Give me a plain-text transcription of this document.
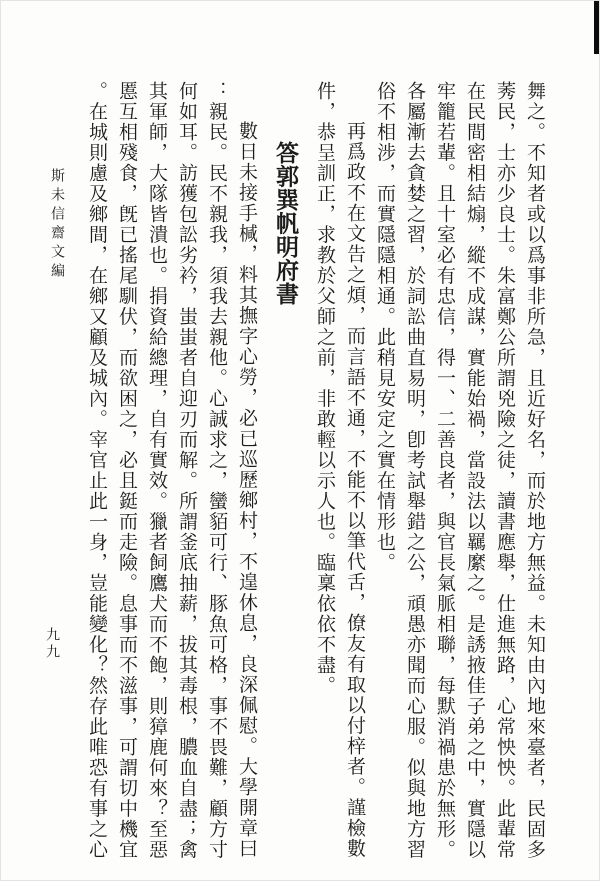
斯未信齋文編
九九	舞之。不知者或以爲事非所急，且近好名，而於地方無益。未知由內地來臺者，民固多
莠民，士亦少良士。朱富鄭公所謂兇險之徒，讀書應舉，仕進無路，心常怏怏。此輩常
在民間密相結煽，縱不成謀，實能始禍，當設法以羈縻之。是誘掖佳子弟之中，實隱以
牢籠若輩。且十室必有忠信，得一、二善良者，與官長氣脈相聯，每默消禍患於無形。
各屬漸去貪婪之習，於詞訟曲直易明，卽考試舉錯之公，頑愚亦聞而心服。似與地方習
俗不相涉，而實隱隱相通。此稍見安定之實在情形也。
再爲政不在文告之煩，而言語不通，不能不以筆代舌，僚友有取以付梓者。謹檢數
件，恭呈訓正，求教於父師之前，非敢輕以示人也。臨稟依依不盡。
答郭巽帆明府書
數日未接手椷，料其撫字心勞，必已巡歷鄉村，不遑休息，良深佩慰。大學開章曰
：親民。民不親我，須我去親他。心誠求之，蠻貊可行、豚魚可格，事不畏難，顧方寸
何如耳。訪獲包訟劣衿，蚩蚩者自迎刃而解。所謂釜底抽薪，拔其毒根，膿血自盡；禽
其軍師，大隊皆潰也。捐資給總理，自有實效。獵者飼鷹犬而不飽，則獐鹿何來？至惡
慝互相殘食，旣已搖尾馴伏，而欲困之，必且鋌而走險。息事而不滋事，可謂切中機宜
。在城則慮及鄉間，在鄉又顧及城內。宰官止此一身，豈能變化？然存此唯恐有事之心
